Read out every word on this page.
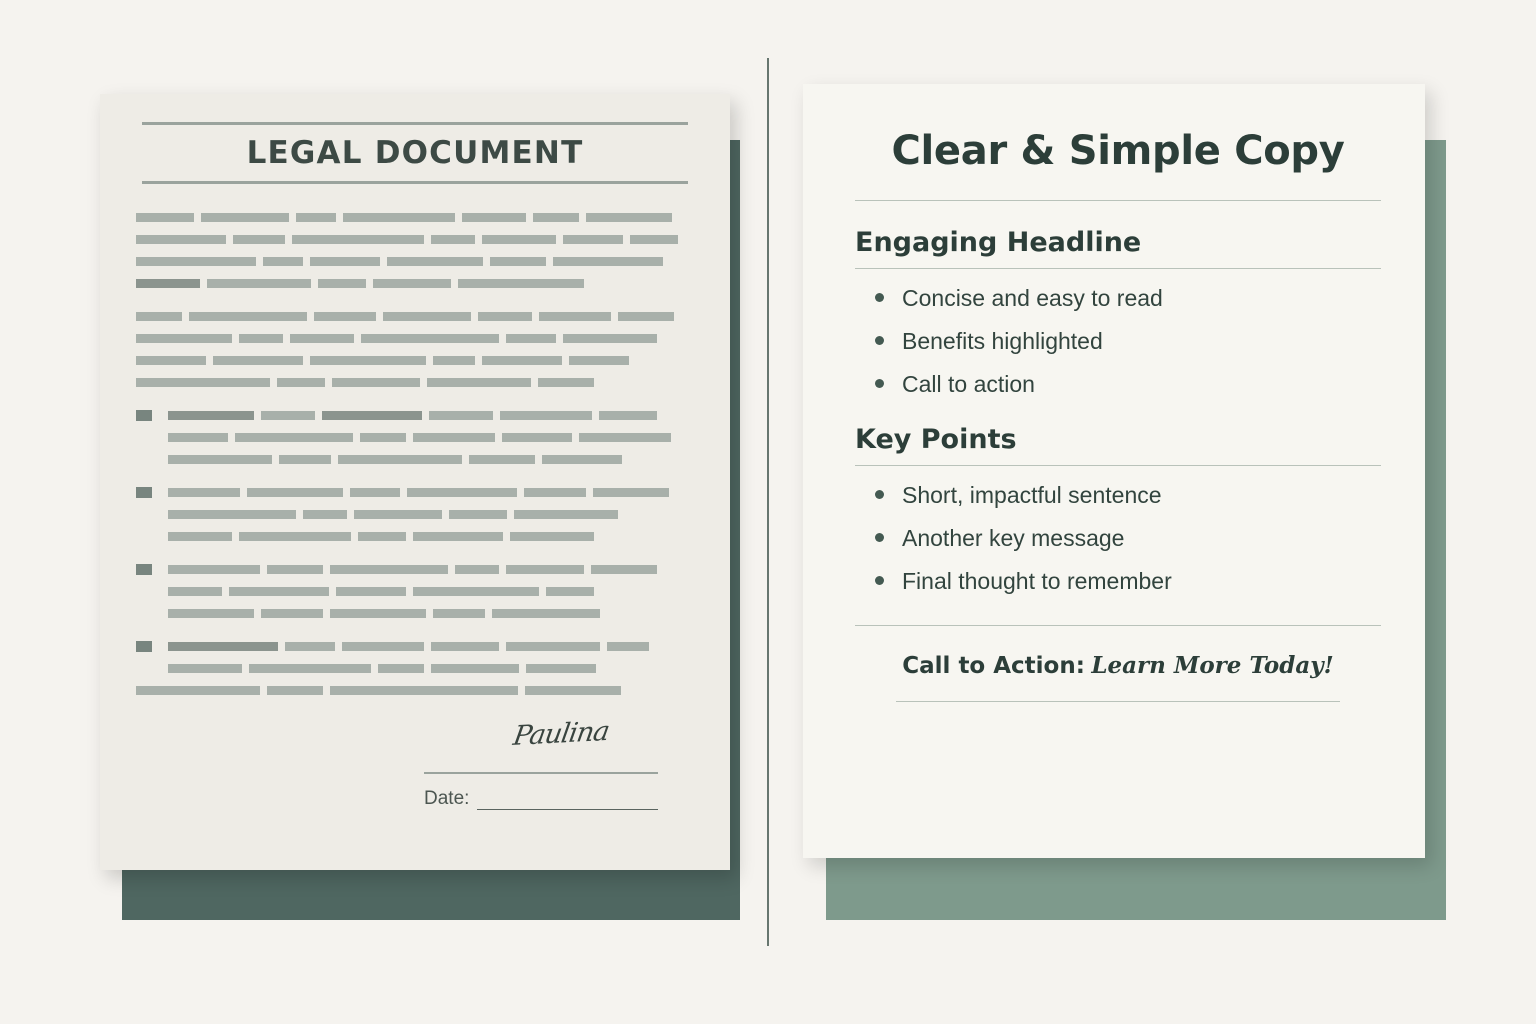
LEGAL DOCUMENT
Paulina
Date:
Clear & Simple Copy
Engaging Headline
Concise and easy to read
Benefits highlighted
Call to action
Key Points
Short, impactful sentence
Another key message
Final thought to remember
Call to Action: Learn More Today!
